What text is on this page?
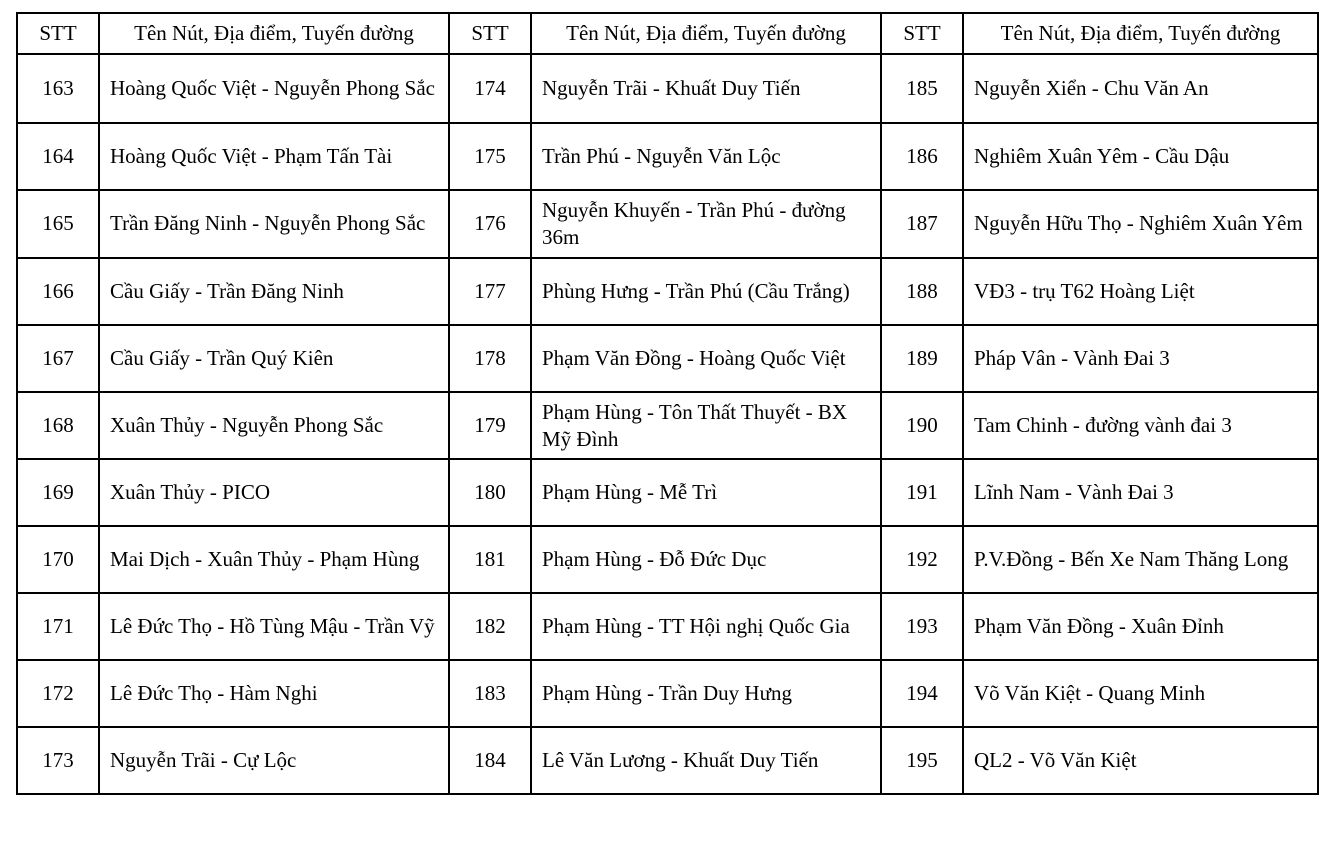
STT	Tên Nút, Địa điểm, Tuyến đường	STT	Tên Nút, Địa điểm, Tuyến đường	STT	Tên Nút, Địa điểm, Tuyến đường
163	Hoàng Quốc Việt - Nguyễn Phong Sắc	174	Nguyễn Trãi - Khuất Duy Tiến	185	Nguyễn Xiển - Chu Văn An
164	Hoàng Quốc Việt - Phạm Tấn Tài	175	Trần Phú - Nguyễn Văn Lộc	186	Nghiêm Xuân Yêm - Cầu Dậu
165	Trần Đăng Ninh - Nguyễn Phong Sắc	176	Nguyễn Khuyến - Trần Phú - đường 36m	187	Nguyễn Hữu Thọ - Nghiêm Xuân Yêm
166	Cầu Giấy - Trần Đăng Ninh	177	Phùng Hưng - Trần Phú (Cầu Trắng)	188	VĐ3 - trụ T62 Hoàng Liệt
167	Cầu Giấy - Trần Quý Kiên	178	Phạm Văn Đồng - Hoàng Quốc Việt	189	Pháp Vân - Vành Đai 3
168	Xuân Thủy - Nguyễn Phong Sắc	179	Phạm Hùng - Tôn Thất Thuyết - BX Mỹ Đình	190	Tam Chinh - đường vành đai 3
169	Xuân Thủy - PICO	180	Phạm Hùng - Mễ Trì	191	Lĩnh Nam - Vành Đai 3
170	Mai Dịch - Xuân Thủy - Phạm Hùng	181	Phạm Hùng - Đỗ Đức Dục	192	P.V.Đồng - Bến Xe Nam Thăng Long
171	Lê Đức Thọ - Hồ Tùng Mậu - Trần Vỹ	182	Phạm Hùng - TT Hội nghị Quốc Gia	193	Phạm Văn Đồng - Xuân Đỉnh
172	Lê Đức Thọ - Hàm Nghi	183	Phạm Hùng - Trần Duy Hưng	194	Võ Văn Kiệt - Quang Minh
173	Nguyễn Trãi - Cự Lộc	184	Lê Văn Lương - Khuất Duy Tiến	195	QL2 - Võ Văn Kiệt
